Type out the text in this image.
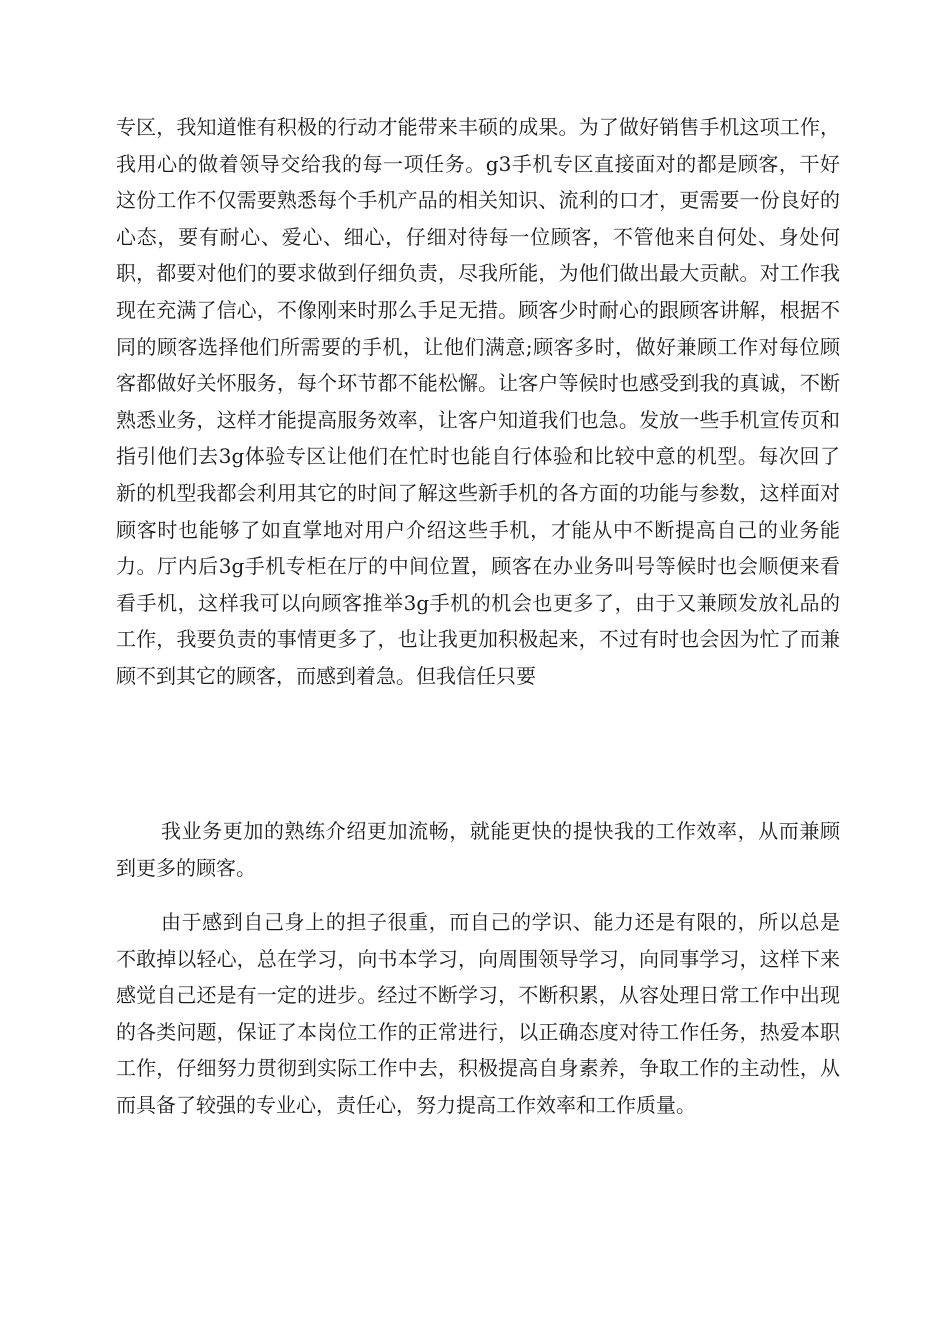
专区，我知道惟有积极的行动才能带来丰硕的成果。为了做好销售手机这项工作，我用心的做着领导交给我的每一项任务。g3手机专区直接面对的都是顾客，干好这份工作不仅需要熟悉每个手机产品的相关知识、流利的口才，更需要一份良好的心态，要有耐心、爱心、细心，仔细对待每一位顾客，不管他来自何处、身处何职，都要对他们的要求做到仔细负责，尽我所能，为他们做出最大贡献。对工作我现在充满了信心，不像刚来时那么手足无措。顾客少时耐心的跟顾客讲解，根据不同的顾客选择他们所需要的手机，让他们满意;顾客多时，做好兼顾工作对每位顾客都做好关怀服务，每个环节都不能松懈。让客户等候时也感受到我的真诚，不断熟悉业务，这样才能提高服务效率，让客户知道我们也急。发放一些手机宣传页和指引他们去3g体验专区让他们在忙时也能自行体验和比较中意的机型。每次回了新的机型我都会利用其它的时间了解这些新手机的各方面的功能与参数，这样面对顾客时也能够了如直掌地对用户介绍这些手机，才能从中不断提高自己的业务能力。厅内后3g手机专柜在厅的中间位置，顾客在办业务叫号等候时也会顺便来看看手机，这样我可以向顾客推举3g手机的机会也更多了，由于又兼顾发放礼品的工作，我要负责的事情更多了，也让我更加积极起来，不过有时也会因为忙了而兼顾不到其它的顾客，而感到着急。但我信任只要

我业务更加的熟练介绍更加流畅，就能更快的提快我的工作效率，从而兼顾到更多的顾客。

由于感到自己身上的担子很重，而自己的学识、能力还是有限的，所以总是不敢掉以轻心，总在学习，向书本学习，向周围领导学习，向同事学习，这样下来感觉自己还是有一定的进步。经过不断学习，不断积累，从容处理日常工作中出现的各类问题，保证了本岗位工作的正常进行，以正确态度对待工作任务，热爱本职工作，仔细努力贯彻到实际工作中去，积极提高自身素养，争取工作的主动性，从而具备了较强的专业心，责任心，努力提高工作效率和工作质量。
